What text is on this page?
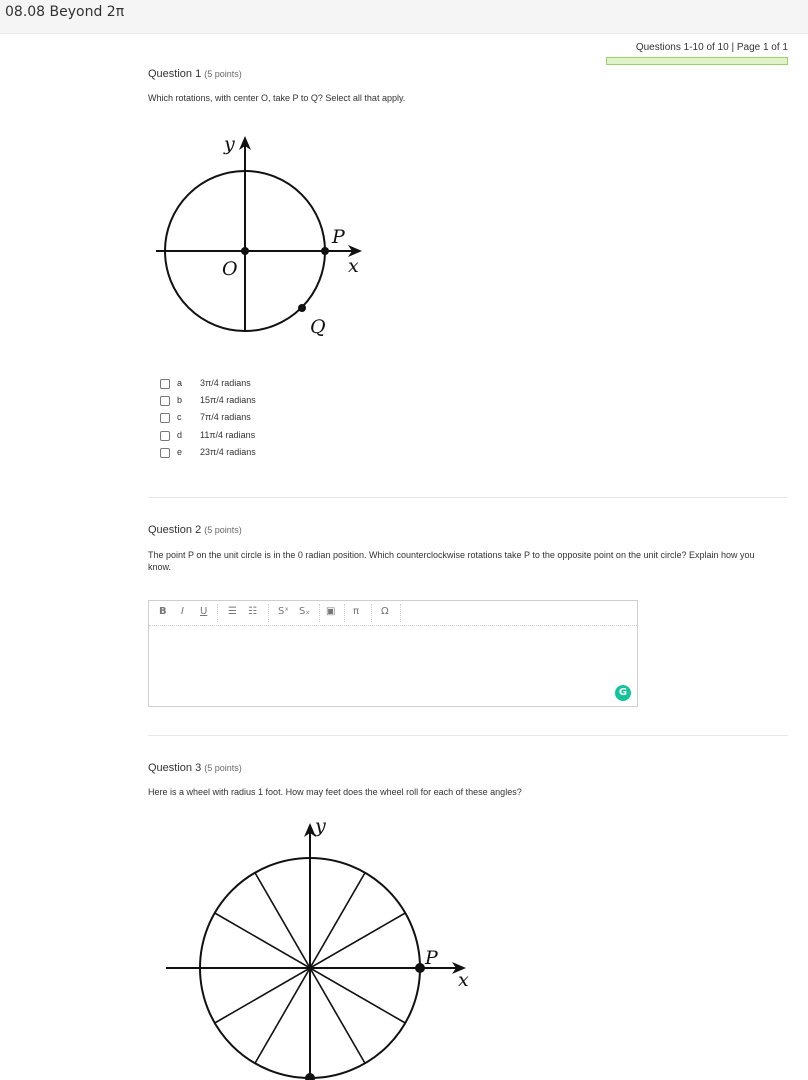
08.08 Beyond 2π
Questions 1-10 of 10 | Page 1 of 1
Question 1 (5 points)
Which rotations, with center O, take P to Q? Select all that apply.
y
x
O
P
Q
a 3π/4 radians
b 15π/4 radians
c 7π/4 radians
d 11π/4 radians
e 23π/4 radians
Question 2 (5 points)
The point P on the unit circle is in the 0 radian position. Which counterclockwise rotations take P to the opposite point on the unit circle? Explain how you know.
B I U ☰ ☷ Sˣ Sₓ ▣ π Ω
G
Question 3 (5 points)
Here is a wheel with radius 1 foot. How may feet does the wheel roll for each of these angles?
y
x
P
